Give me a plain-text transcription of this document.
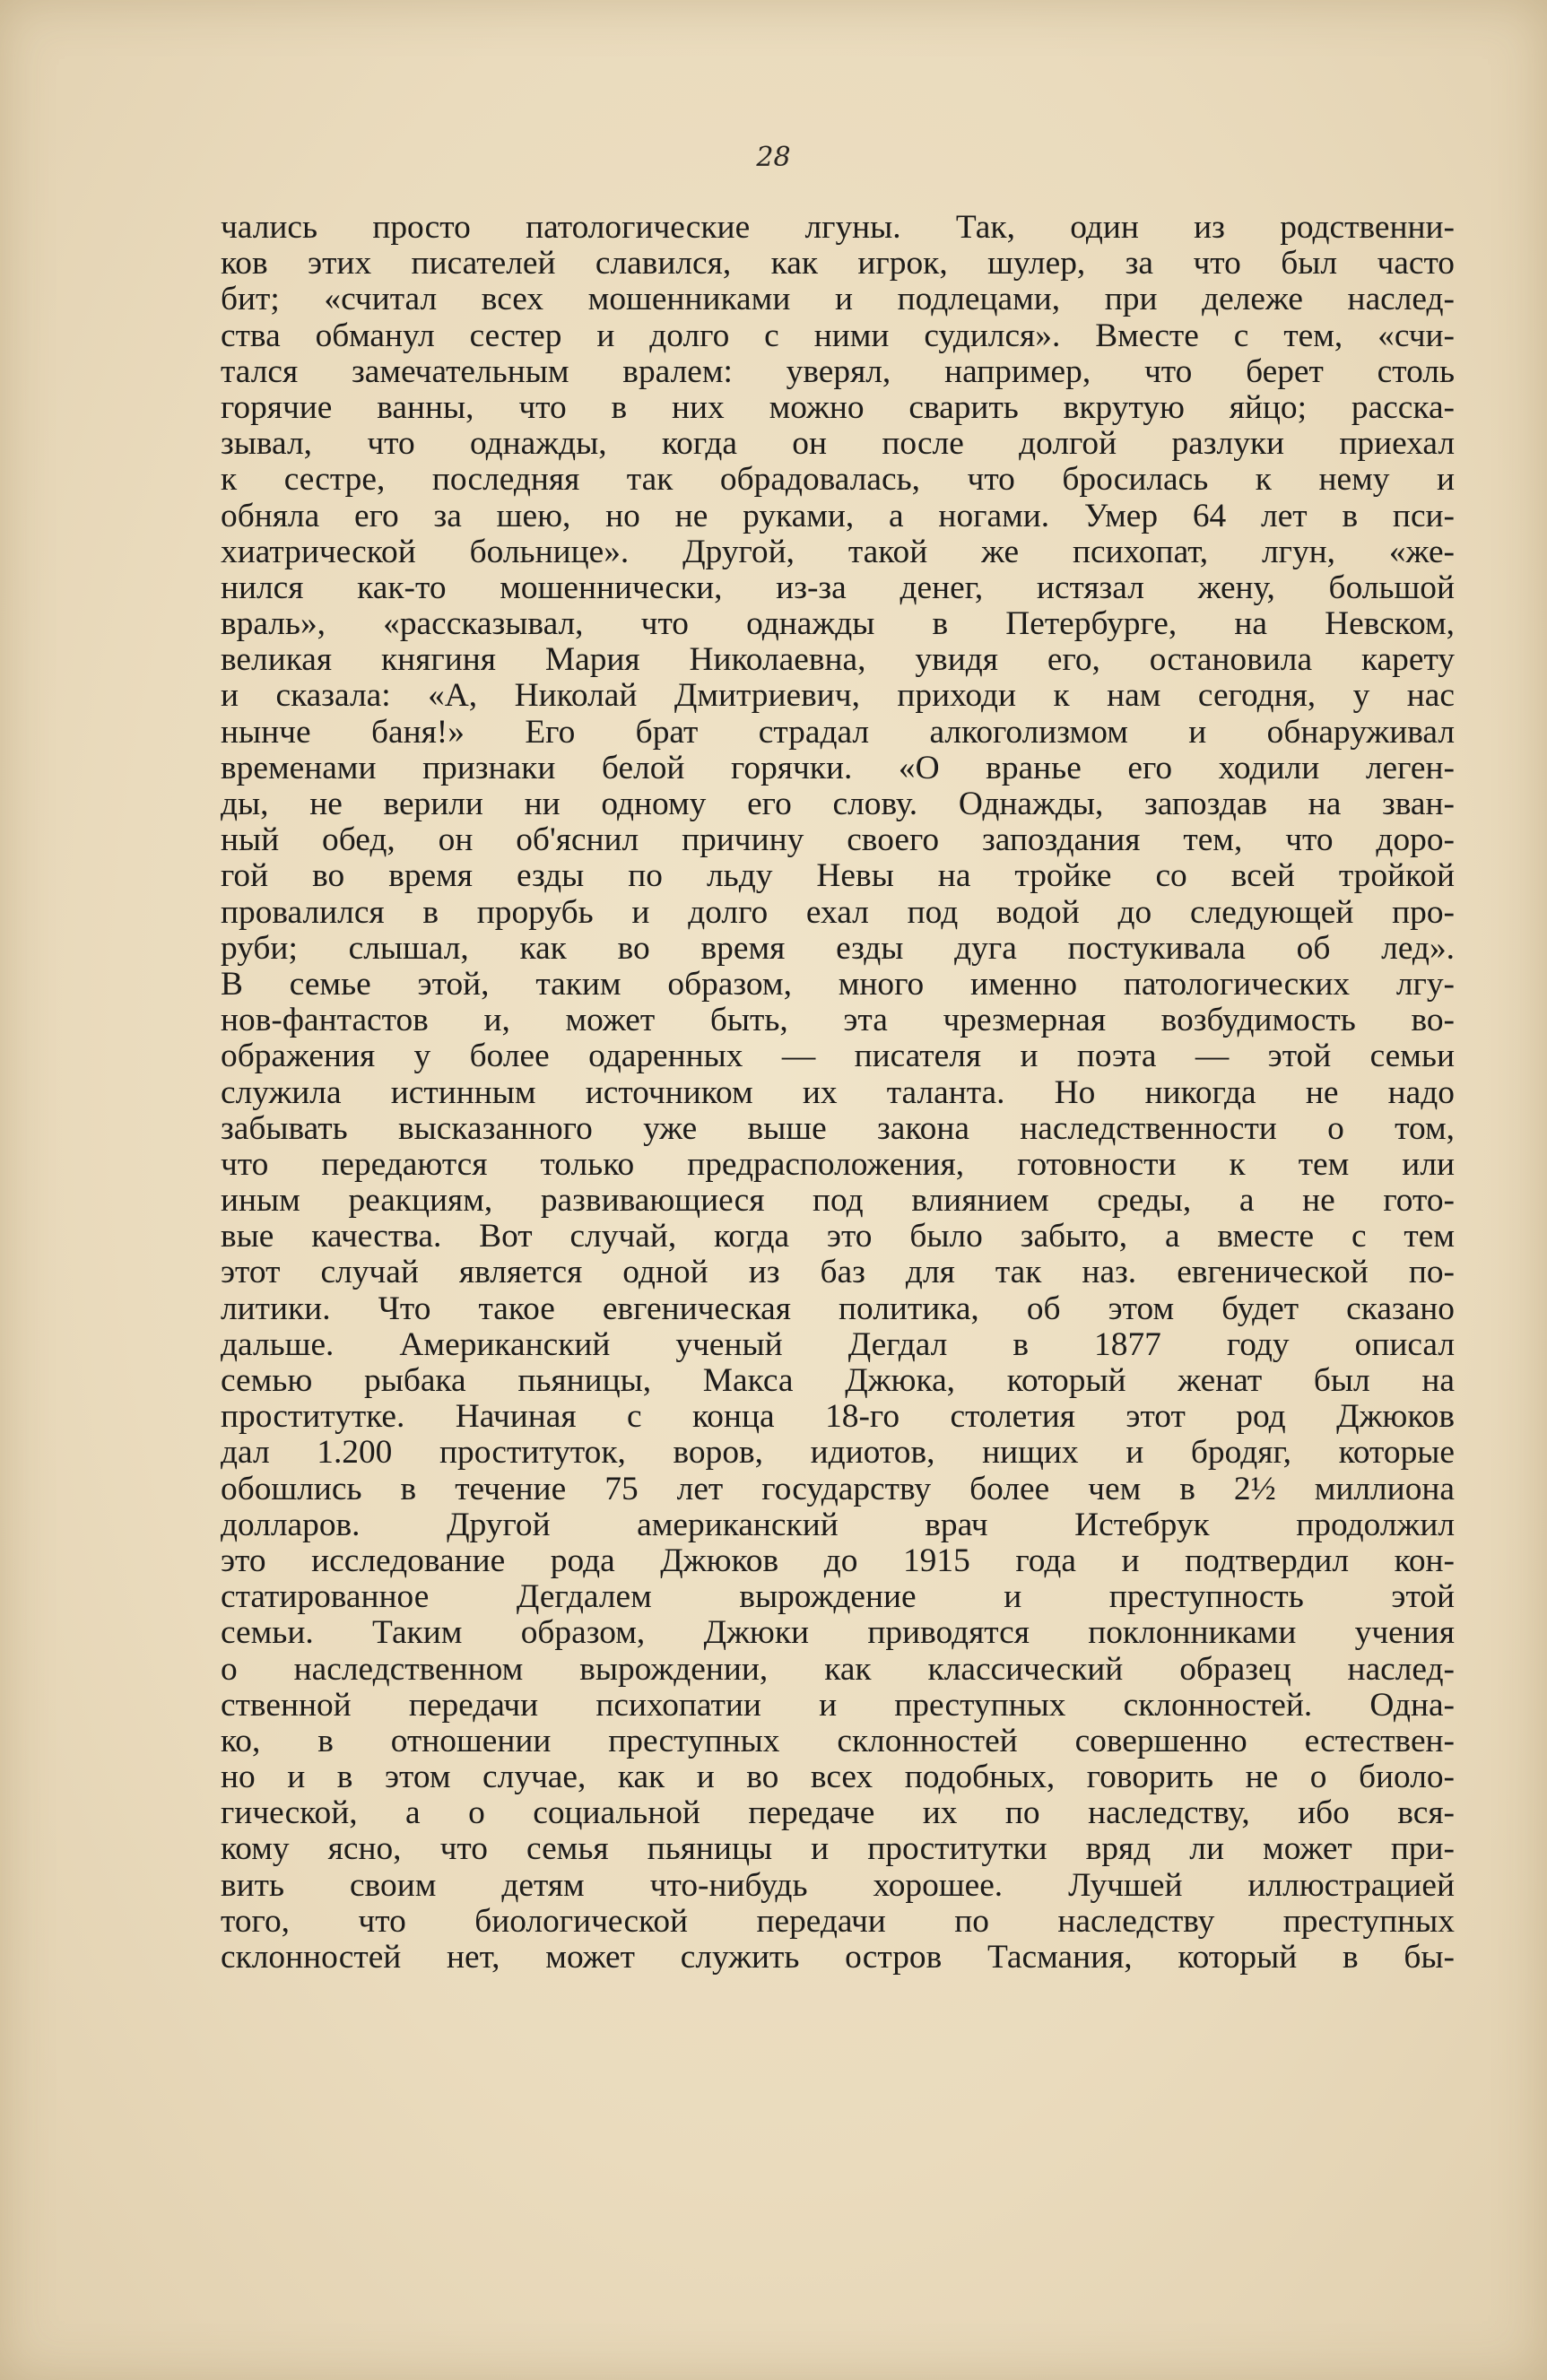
28
чались просто патологические лгуны. Так, один из родственни-
ков этих писателей славился, как игрок, шулер, за что был часто
бит; «считал всех мошенниками и подлецами, при дележе наслед-
ства обманул сестер и долго с ними судился». Вместе с тем, «счи-
тался замечательным вралем: уверял, например, что берет столь
горячие ванны, что в них можно сварить вкрутую яйцо; расска-
зывал, что однажды, когда он после долгой разлуки приехал
к сестре, последняя так обрадовалась, что бросилась к нему и
обняла его за шею, но не руками, а ногами. Умер 64 лет в пси-
хиатрической больнице». Другой, такой же психопат, лгун, «же-
нился как-то мошеннически, из-за денег, истязал жену, большой
враль», «рассказывал, что однажды в Петербурге, на Невском,
великая княгиня Мария Николаевна, увидя его, остановила карету
и сказала: «А, Николай Дмитриевич, приходи к нам сегодня, у нас
нынче баня!» Его брат страдал алкоголизмом и обнаруживал
временами признаки белой горячки. «О вранье его ходили леген-
ды, не верили ни одному его слову. Однажды, запоздав на зван-
ный обед, он об'яснил причину своего запоздания тем, что доро-
гой во время езды по льду Невы на тройке со всей тройкой
провалился в прорубь и долго ехал под водой до следующей про-
руби; слышал, как во время езды дуга постукивала об лед».
В семье этой, таким образом, много именно патологических лгу-
нов-фантастов и, может быть, эта чрезмерная возбудимость во-
ображения у более одаренных — писателя и поэта — этой семьи
служила истинным источником их таланта. Но никогда не надо
забывать высказанного уже выше закона наследственности о том,
что передаются только предрасположения, готовности к тем или
иным реакциям, развивающиеся под влиянием среды, а не гото-
вые качества. Вот случай, когда это было забыто, а вместе с тем
этот случай является одной из баз для так наз. евгенической по-
литики. Что такое евгеническая политика, об этом будет сказано
дальше. Американский ученый Дегдал в 1877 году описал
семью рыбака пьяницы, Макса Джюка, который женат был на
проститутке. Начиная с конца 18-го столетия этот род Джюков
дал 1.200 проституток, воров, идиотов, нищих и бродяг, которые
обошлись в течение 75 лет государству более чем в 2½ миллиона
долларов. Другой американский врач Истебрук продолжил
это исследование рода Джюков до 1915 года и подтвердил кон-
статированное Дегдалем вырождение и преступность этой
семьи. Таким образом, Джюки приводятся поклонниками учения
о наследственном вырождении, как классический образец наслед-
ственной передачи психопатии и преступных склонностей. Одна-
ко, в отношении преступных склонностей совершенно естествен-
но и в этом случае, как и во всех подобных, говорить не о биоло-
гической, а о социальной передаче их по наследству, ибо вся-
кому ясно, что семья пьяницы и проститутки вряд ли может при-
вить своим детям что-нибудь хорошее. Лучшей иллюстрацией
того, что биологической передачи по наследству преступных
склонностей нет, может служить остров Тасмания, который в бы-
